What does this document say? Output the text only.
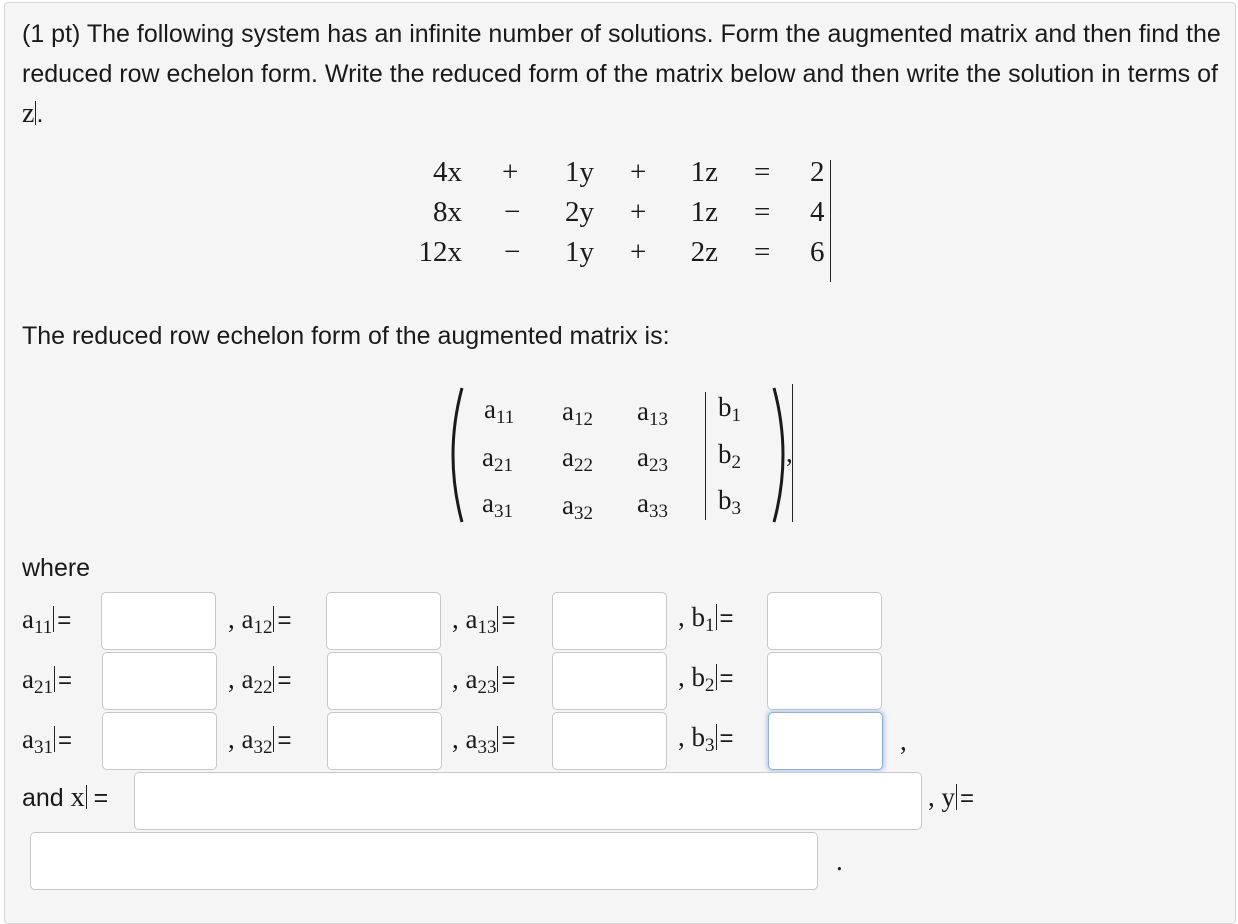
(1 pt) The following system has an infinite number of solutions. Form the augmented matrix and then find the reduced row echelon form. Write the reduced form of the matrix below and then write the solution in terms of z.

4x +	1y +	1z = 2
8x −	2y +	1z = 4
12x −	1y +	2z = 6

The reduced row echelon form of the augmented matrix is:

,
$a_{11}$ $a_{12}$ $a_{13}$ $b_1$
$a_{21}$ $a_{22}$ $a_{23}$ $b_2$
$a_{31}$ $a_{32}$ $a_{33}$ $b_3$
where
$a_{11}$ =	, $a_{12}$ =	, $a_{13}$ =	, $b_1$ =
$a_{21}$ =	, $a_{22}$ =	, $a_{23}$ =	, $b_2$ =
$a_{31}$ =	, $a_{32}$ =	, $a_{33}$ =	, $b_3$ =	,
and x =	, y =
.
